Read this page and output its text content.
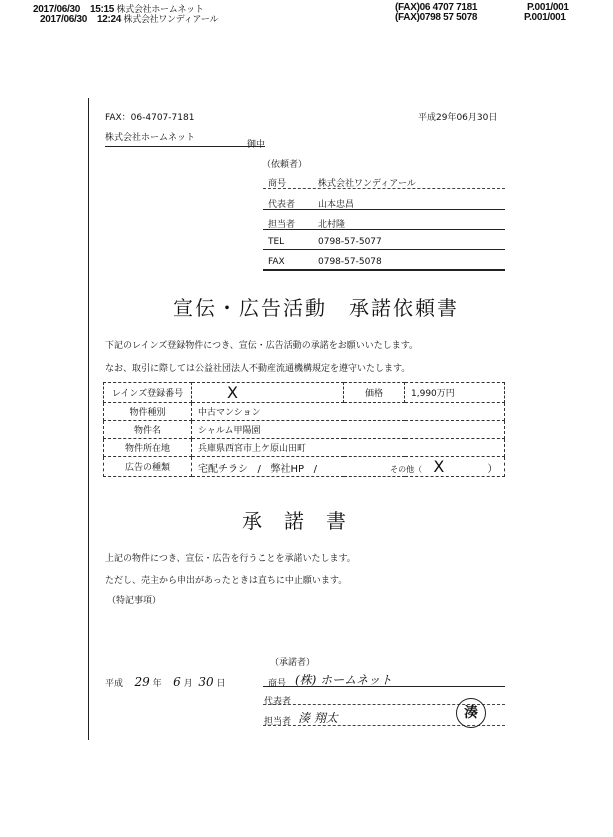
2017/06/30 15:15 株式会社ホームネット	(FAX)06 4707 7181	P.001/001
2017/06/30 12:24 株式会社ワンディアール	(FAX)0798 57 5078	P.001/001
FAX：06-4707-7181	平成29年06月30日
株式会社ホームネット
御中
（依頼者）
商号	株式会社ワンディアール
代表者	山本忠昌
担当者	北村隆
TEL	0798-57-5077
FAX	0798-57-5078
宣伝・広告活動　承諾依頼書
下記のレインズ登録物件につき、宣伝・広告活動の承諾をお願いいたします。
なお、取引に際しては公益社団法人不動産流通機構規定を遵守いたします。
レインズ登録番号	X	価格	1,990万円
物件種別	中古マンション		
物件名	シャルム甲陽園		
物件所在地	兵庫県西宮市上ケ原山田町		
広告の種類	宅配チラシ / 弊社HP / その他（ X ）		
承諾書
上記の物件につき、宣伝・広告を行うことを承諾いたします。
ただし、売主から申出があったときは直ちに中止願います。
（特記事項）
（承諾者）
平成 29 年 6 月 30 日	商号 (株) ホームネット
代表者
担当者 湊 翔太	湊
